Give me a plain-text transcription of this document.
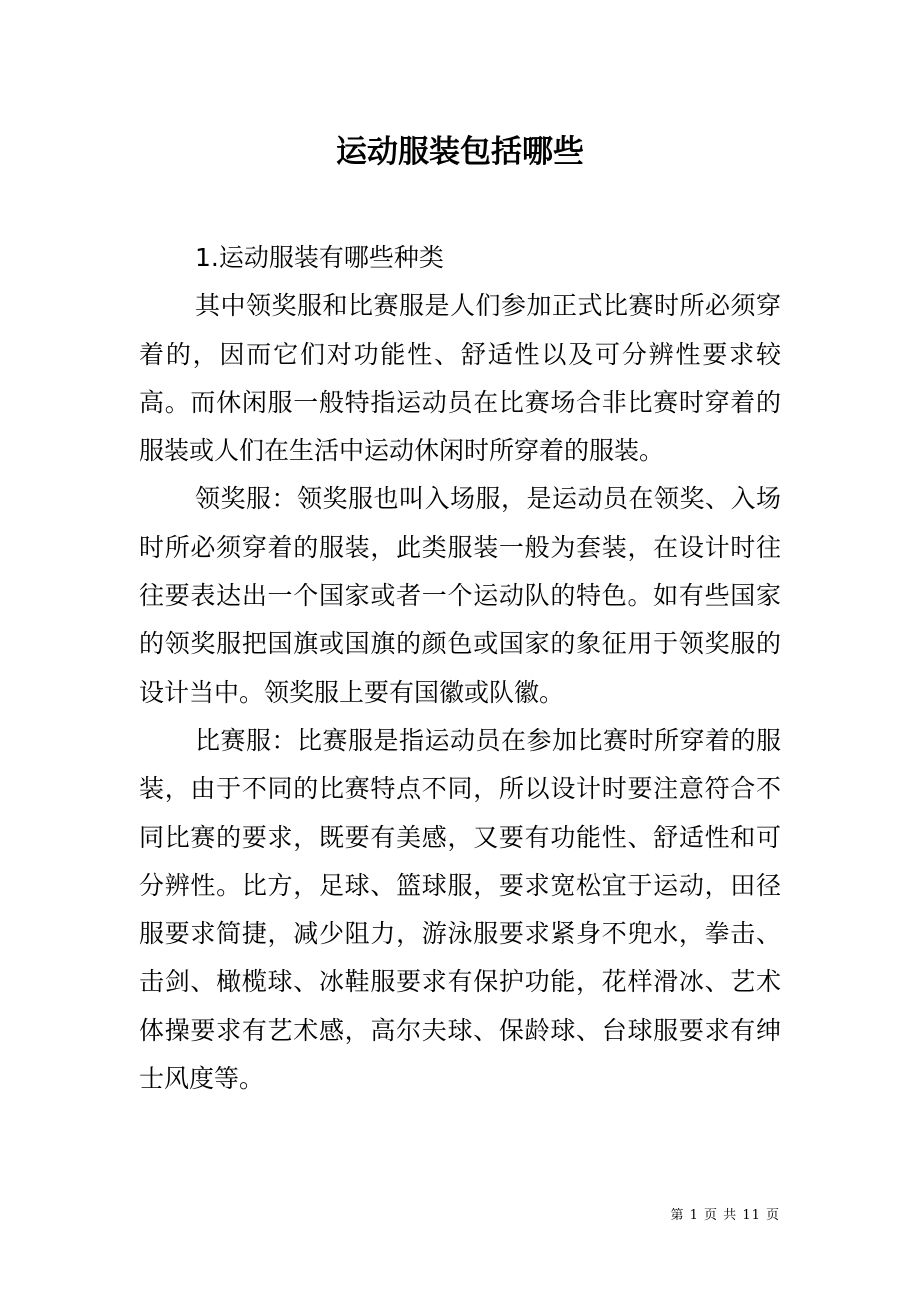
运动服装包括哪些

1.运动服装有哪些种类

其中领奖服和比赛服是人们参加正式比赛时所必须穿着的，因而它们对功能性、舒适性以及可分辨性要求较高。而休闲服一般特指运动员在比赛场合非比赛时穿着的服装或人们在生活中运动休闲时所穿着的服装。

领奖服：领奖服也叫入场服，是运动员在领奖、入场时所必须穿着的服装，此类服装一般为套装，在设计时往往要表达出一个国家或者一个运动队的特色。如有些国家的领奖服把国旗或国旗的颜色或国家的象征用于领奖服的设计当中。领奖服上要有国徽或队徽。

比赛服：比赛服是指运动员在参加比赛时所穿着的服装，由于不同的比赛特点不同，所以设计时要注意符合不同比赛的要求，既要有美感，又要有功能性、舒适性和可分辨性。比方，足球、篮球服，要求宽松宜于运动，田径服要求简捷，减少阻力，游泳服要求紧身不兜水，拳击、击剑、橄榄球、冰鞋服要求有保护功能，花样滑冰、艺术体操要求有艺术感，高尔夫球、保龄球、台球服要求有绅士风度等。

第 1 页 共 11 页
